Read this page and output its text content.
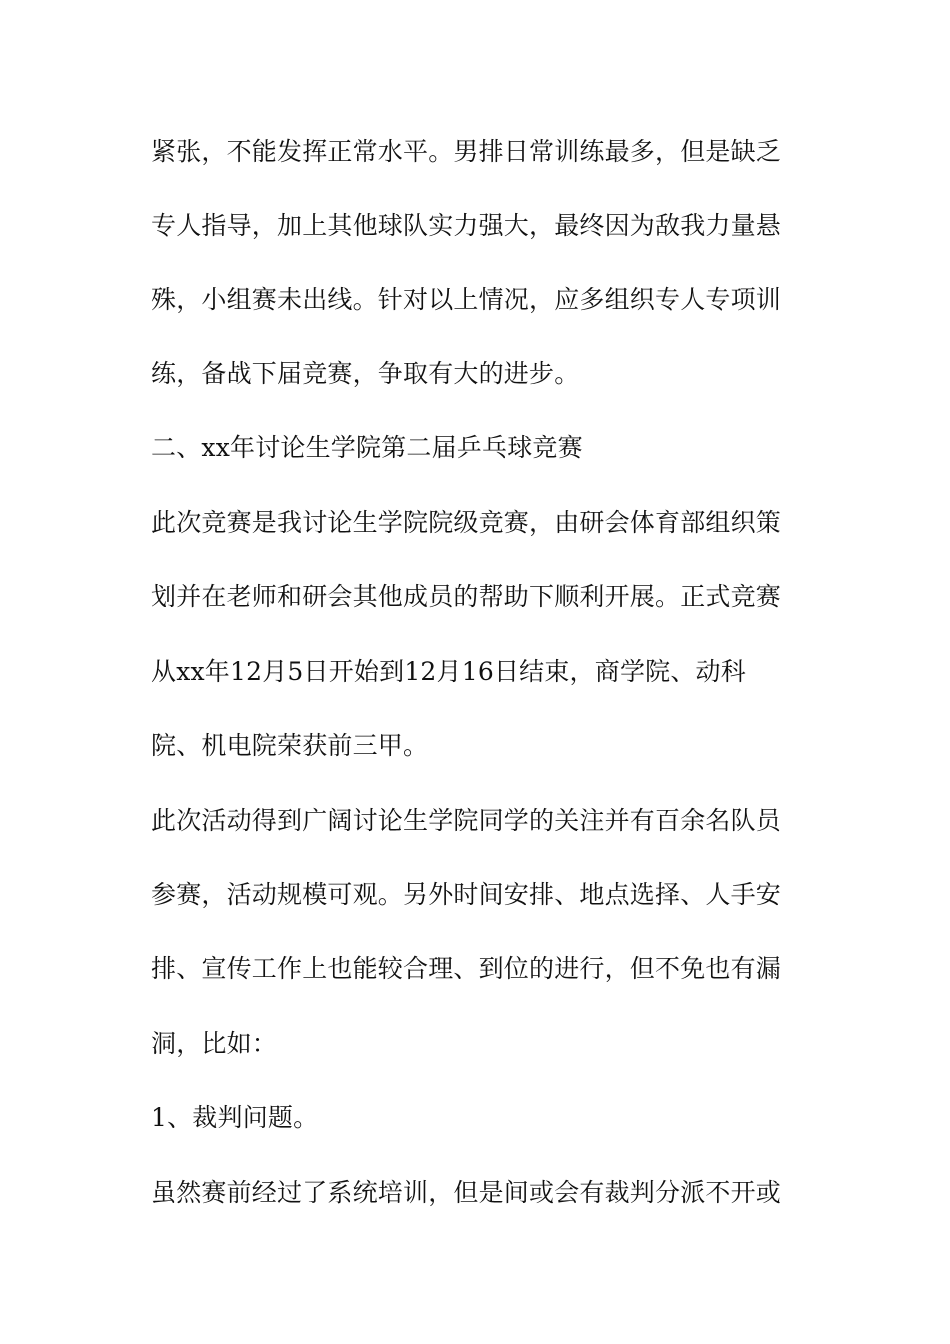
紧张，不能发挥正常水平。男排日常训练最多，但是缺乏
专人指导，加上其他球队实力强大，最终因为敌我力量悬
殊，小组赛未出线。针对以上情况，应多组织专人专项训
练，备战下届竞赛，争取有大的进步。
二、xx年讨论生学院第二届乒乓球竞赛
此次竞赛是我讨论生学院院级竞赛，由研会体育部组织策
划并在老师和研会其他成员的帮助下顺利开展。正式竞赛
从xx年12月5日开始到12月16日结束，商学院、动科
院、机电院荣获前三甲。
此次活动得到广阔讨论生学院同学的关注并有百余名队员
参赛，活动规模可观。另外时间安排、地点选择、人手安
排、宣传工作上也能较合理、到位的进行，但不免也有漏
洞，比如：
1、裁判问题。
虽然赛前经过了系统培训，但是间或会有裁判分派不开或
